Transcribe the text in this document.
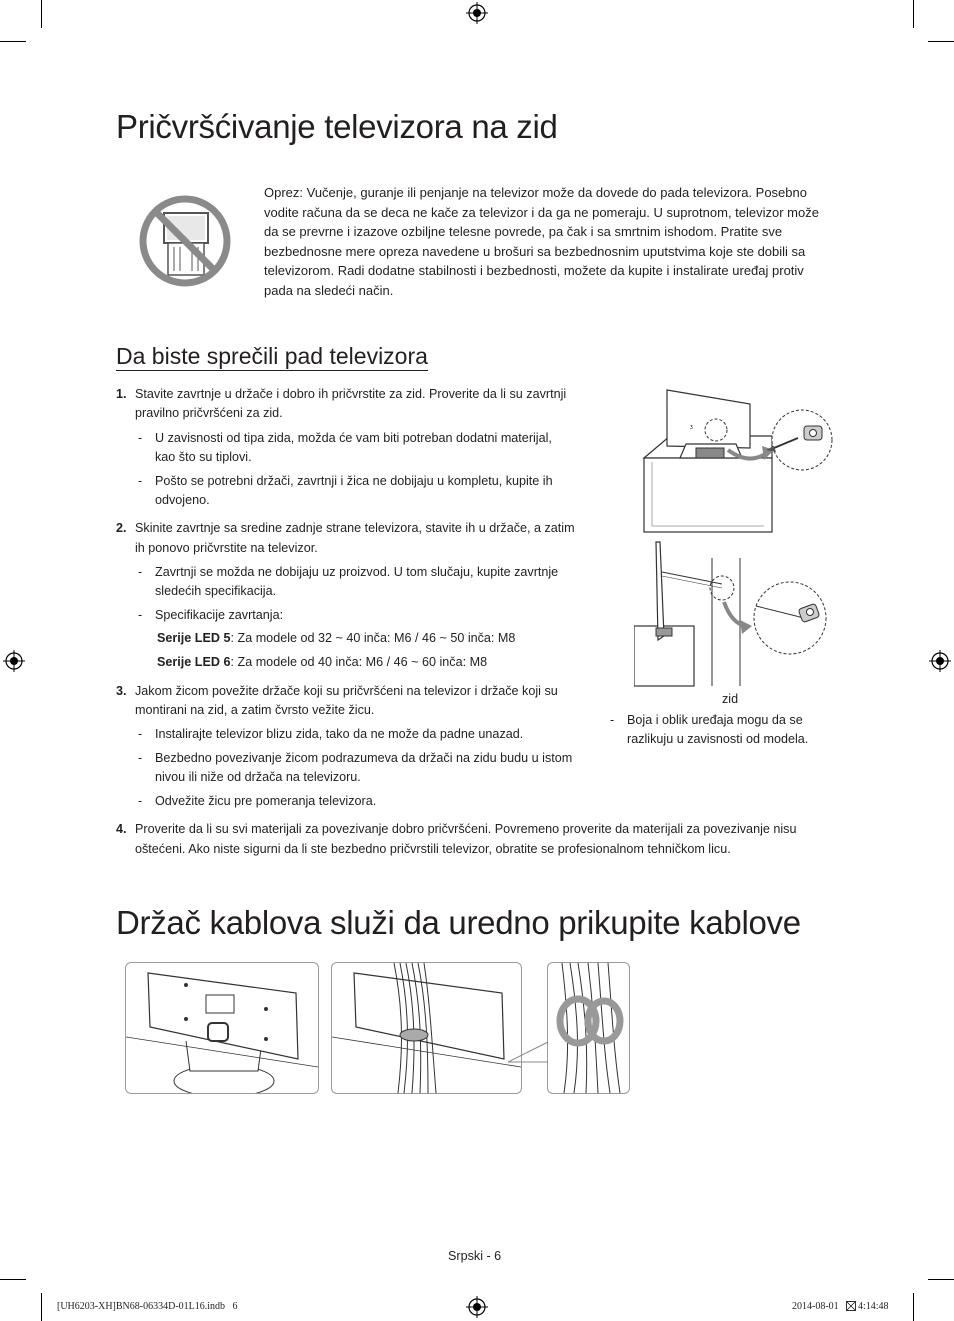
Pričvršćivanje televizora na zid
Oprez: Vučenje, guranje ili penjanje na televizor može da dovede do pada televizora. Posebno vodite računa da se deca ne kače za televizor i da ga ne pomeraju. U suprotnom, televizor može da se prevrne i izazove ozbiljne telesne povrede, pa čak i sa smrtnim ishodom. Pratite sve bezbednosne mere opreza navedene u brošuri sa bezbednosnim uputstvima koje ste dobili sa televizorom. Radi dodatne stabilnosti i bezbednosti, možete da kupite i instalirate uređaj protiv pada na sledeći način.
Da biste sprečili pad televizora
1. Stavite zavrtnje u držače i dobro ih pričvrstite za zid. Proverite da li su zavrtnji
pravilno pričvršćeni za zid.
- U zavisnosti od tipa zida, možda će vam biti potreban dodatni materijal,
kao što su tiplovi.
- Pošto se potrebni držači, zavrtnji i žica ne dobijaju u kompletu, kupite ih
odvojeno.
2. Skinite zavrtnje sa sredine zadnje strane televizora, stavite ih u držače, a zatim
ih ponovo pričvrstite na televizor.
- Zavrtnji se možda ne dobijaju uz proizvod. U tom slučaju, kupite zavrtnje
sledećih specifikacija.
- Specifikacije zavrtanja:
Serije LED 5: Za modele od 32 ~ 40 inča: M6 / 46 ~ 50 inča: M8
Serije LED 6: Za modele od 40 inča: M6 / 46 ~ 60 inča: M8
3. Jakom žicom povežite držače koji su pričvršćeni na televizor i držače koji su
montirani na zid, a zatim čvrsto vežite žicu.
- Instalirajte televizor blizu zida, tako da ne može da padne unazad.
- Bezbedno povezivanje žicom podrazumeva da držači na zidu budu u istom
nivou ili niže od držača na televizoru.
- Odvežite žicu pre pomeranja televizora.
4. Proverite da li su svi materijali za povezivanje dobro pričvršćeni. Povremeno proverite da materijali za povezivanje nisu
oštećeni. Ako niste sigurni da li ste bezbedno pričvrstili televizor, obratite se profesionalnom tehničkom licu.
zid
- Boja i oblik uređaja mogu da se
razlikuju u zavisnosti od modela.
ʒ
Držač kablova služi da uredno prikupite kablove
Srpski - 6
[UH6203-XH]BN68-06334D-01L16.indb   6	2014-08-01 4:14:48
